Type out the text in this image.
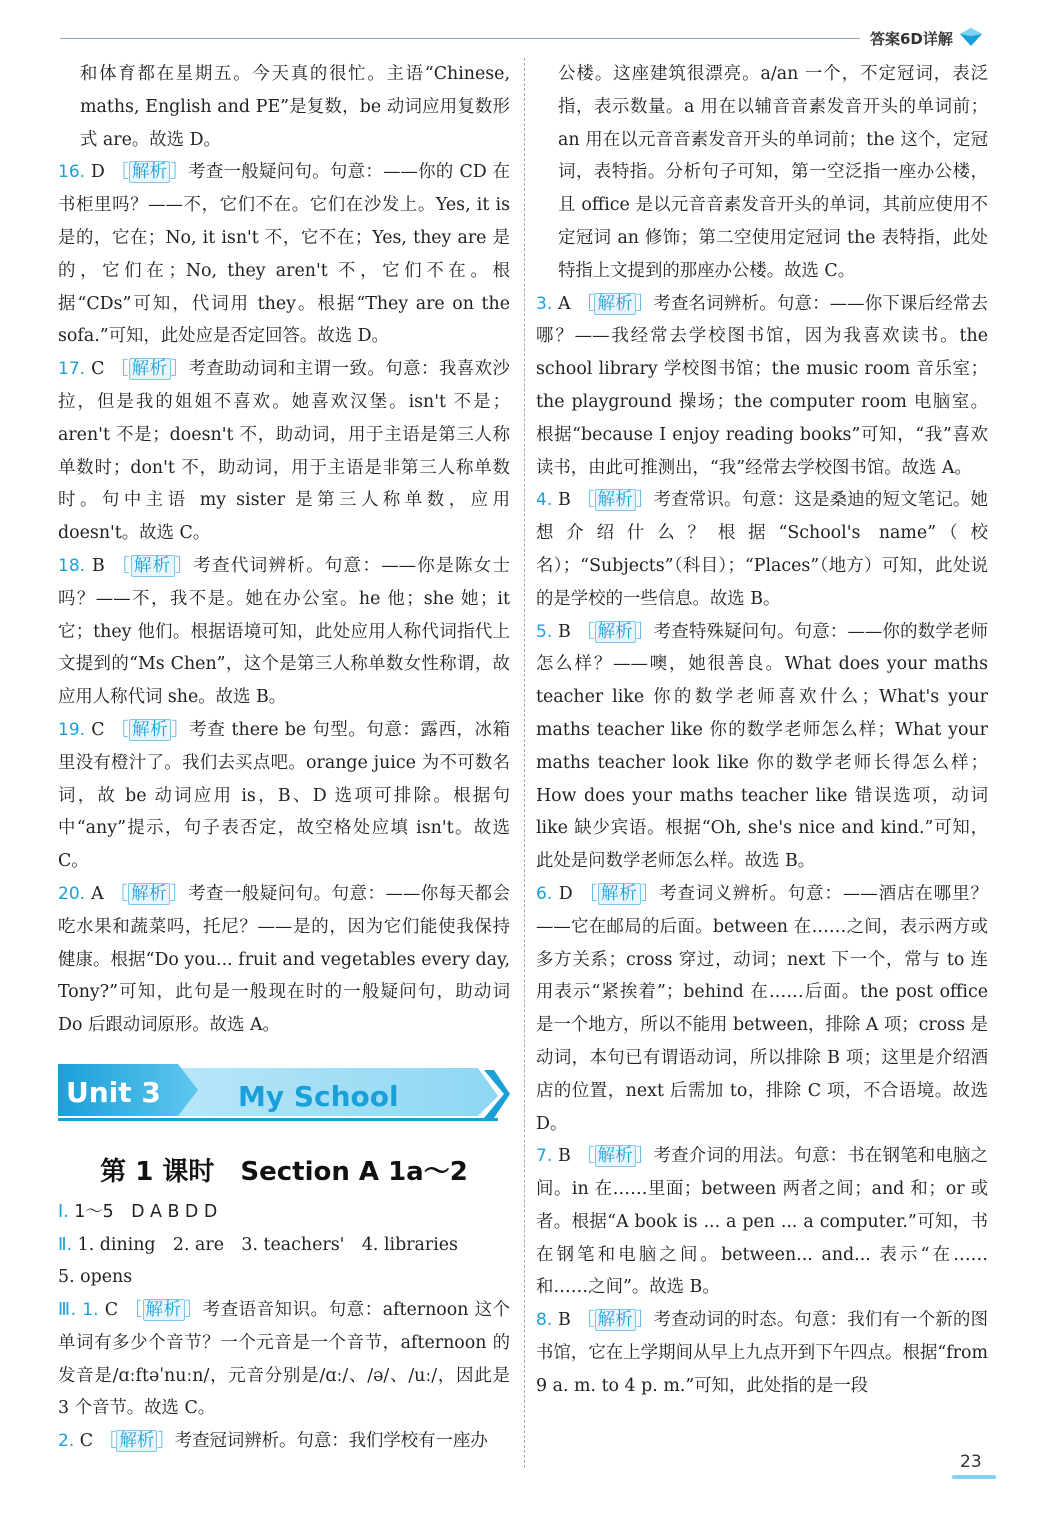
答案6D详解

和体育都在星期五。今天真的很忙。主语“Chinese, maths, English and PE”是复数，be 动词应用复数形式 are。故选 D。

16. D ［ 解析 ］考查一般疑问句。句意：——你的 CD 在书柜里吗？——不，它们不在。它们在沙发上。Yes, it is 是的，它在；No, it isn't 不，它不在；Yes, they are 是的，它们在；No, they aren't 不，它们不在。根据“CDs”可知，代词用 they。根据“They are on the sofa.”可知，此处应是否定回答。故选 D。

17. C ［ 解析 ］考查助动词和主谓一致。句意：我喜欢沙拉，但是我的姐姐不喜欢。她喜欢汉堡。isn't 不是；aren't 不是；doesn't 不，助动词，用于主语是第三人称单数时；don't 不，助动词，用于主语是非第三人称单数时。句中主语 my sister 是第三人称单数，应用 doesn't。故选 C。

18. B ［ 解析 ］考查代词辨析。句意：——你是陈女士吗？——不，我不是。她在办公室。he 他；she 她；it 它；they 他们。根据语境可知，此处应用人称代词指代上文提到的“Ms Chen”，这个是第三人称单数女性称谓，故应用人称代词 she。故选 B。

19. C ［ 解析 ］考查 there be 句型。句意：露西，冰箱里没有橙汁了。我们去买点吧。orange juice 为不可数名词，故 be 动词应用 is，B、D 选项可排除。根据句中“any”提示，句子表否定，故空格处应填 isn't。故选 C。

20. A ［ 解析 ］考查一般疑问句。句意：——你每天都会吃水果和蔬菜吗，托尼？——是的，因为它们能使我保持健康。根据“Do you... fruit and vegetables every day, Tony?”可知，此句是一般现在时的一般疑问句，助动词 Do 后跟动词原形。故选 A。

Unit 3	My School
第 1 课时　Section A 1a～2

Ⅰ. 1～5　D A B D D

Ⅱ. 1. dining　2. are　3. teachers'　4. libraries

5. opens

Ⅲ. 1. C ［ 解析 ］考查语音知识。句意：afternoon 这个单词有多少个音节？一个元音是一个音节，afternoon 的发音是/ɑːftəˈnuːn/，元音分别是/ɑː/、/ə/、/uː/，因此是 3 个音节。故选 C。

2. C ［ 解析 ］考查冠词辨析。句意：我们学校有一座办

公楼。这座建筑很漂亮。a/an 一个，不定冠词，表泛指，表示数量。a 用在以辅音音素发音开头的单词前；an 用在以元音音素发音开头的单词前；the 这个，定冠词，表特指。分析句子可知，第一空泛指一座办公楼，且 office 是以元音音素发音开头的单词，其前应使用不定冠词 an 修饰；第二空使用定冠词 the 表特指，此处特指上文提到的那座办公楼。故选 C。

3. A ［ 解析 ］考查名词辨析。句意：——你下课后经常去哪？——我经常去学校图书馆，因为我喜欢读书。the school library 学校图书馆；the music room 音乐室；the playground 操场；the computer room 电脑室。根据“because I enjoy reading books”可知，“我”喜欢读书，由此可推测出，“我”经常去学校图书馆。故选 A。

4. B ［ 解析 ］考查常识。句意：这是桑迪的短文笔记。她想介绍什么？根据“School's name”（校名）；“Subjects”（科目）；“Places”（地方）可知，此处说的是学校的一些信息。故选 B。

5. B ［ 解析 ］考查特殊疑问句。句意：——你的数学老师怎么样？——噢，她很善良。What does your maths teacher like 你的数学老师喜欢什么；What's your maths teacher like 你的数学老师怎么样；What your maths teacher look like 你的数学老师长得怎么样；How does your maths teacher like 错误选项，动词 like 缺少宾语。根据“Oh, she's nice and kind.”可知，此处是问数学老师怎么样。故选 B。

6. D ［ 解析 ］考查词义辨析。句意：——酒店在哪里？——它在邮局的后面。between 在……之间，表示两方或多方关系；cross 穿过，动词；next 下一个，常与 to 连用表示“紧挨着”；behind 在……后面。the post office 是一个地方，所以不能用 between，排除 A 项；cross 是动词，本句已有谓语动词，所以排除 B 项；这里是介绍酒店的位置，next 后需加 to，排除 C 项，不合语境。故选 D。

7. B ［ 解析 ］考查介词的用法。句意：书在钢笔和电脑之间。in 在……里面；between 两者之间；and 和；or 或者。根据“A book is ... a pen ... a computer.”可知，书在钢笔和电脑之间。between... and... 表示“在……和……之间”。故选 B。

8. B ［ 解析 ］考查动词的时态。句意：我们有一个新的图书馆，它在上学期间从早上九点开到下午四点。根据“from 9 a. m. to 4 p. m.”可知，此处指的是一段

23
